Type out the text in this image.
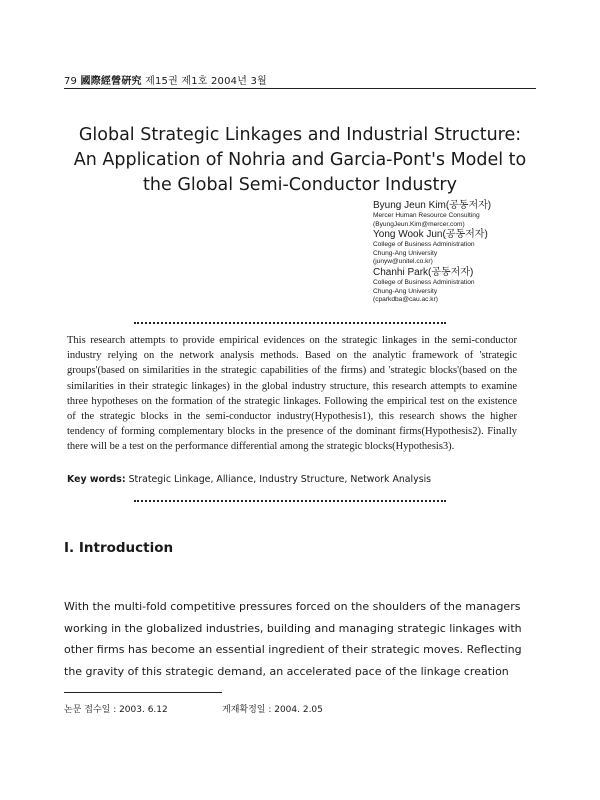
79 國際經營硏究 제15권 제1호 2004년 3월
Global Strategic Linkages and Industrial Structure:
An Application of Nohria and Garcia-Pont's Model to
the Global Semi-Conductor Industry
Byung Jeun Kim(공동저자)
Mercer Human Resource Consulting
(ByungJeun.Kim@mercer.com)
Yong Wook Jun(공동저자)
College of Business Administration
Chung-Ang University
(junyw@unitel.co.kr)
Chanhi Park(공동저자)
College of Business Administration
Chung-Ang University
(cparkdba@cau.ac.kr)
This research attempts to provide empirical evidences on the strategic linkages in the semi-conductor industry relying on the network analysis methods. Based on the analytic framework of 'strategic groups'(based on similarities in the strategic capabilities of the firms) and 'strategic blocks'(based on the similarities in their strategic linkages) in the global industry structure, this research attempts to examine three hypotheses on the formation of the strategic linkages. Following the empirical test on the existence of the strategic blocks in the semi-conductor industry(Hypothesis1), this research shows the higher tendency of forming complementary blocks in the presence of the dominant firms(Hypothesis2). Finally there will be a test on the performance differential among the strategic blocks(Hypothesis3).
Key words: Strategic Linkage, Alliance, Industry Structure, Network Analysis
Ⅰ. Introduction
With the multi-fold competitive pressures forced on the shoulders of the managers
working in the globalized industries, building and managing strategic linkages with
other firms has become an essential ingredient of their strategic moves. Reflecting
the gravity of this strategic demand, an accelerated pace of the linkage creation
논문 접수일 : 2003. 6.12	게재확정일 : 2004. 2.05
